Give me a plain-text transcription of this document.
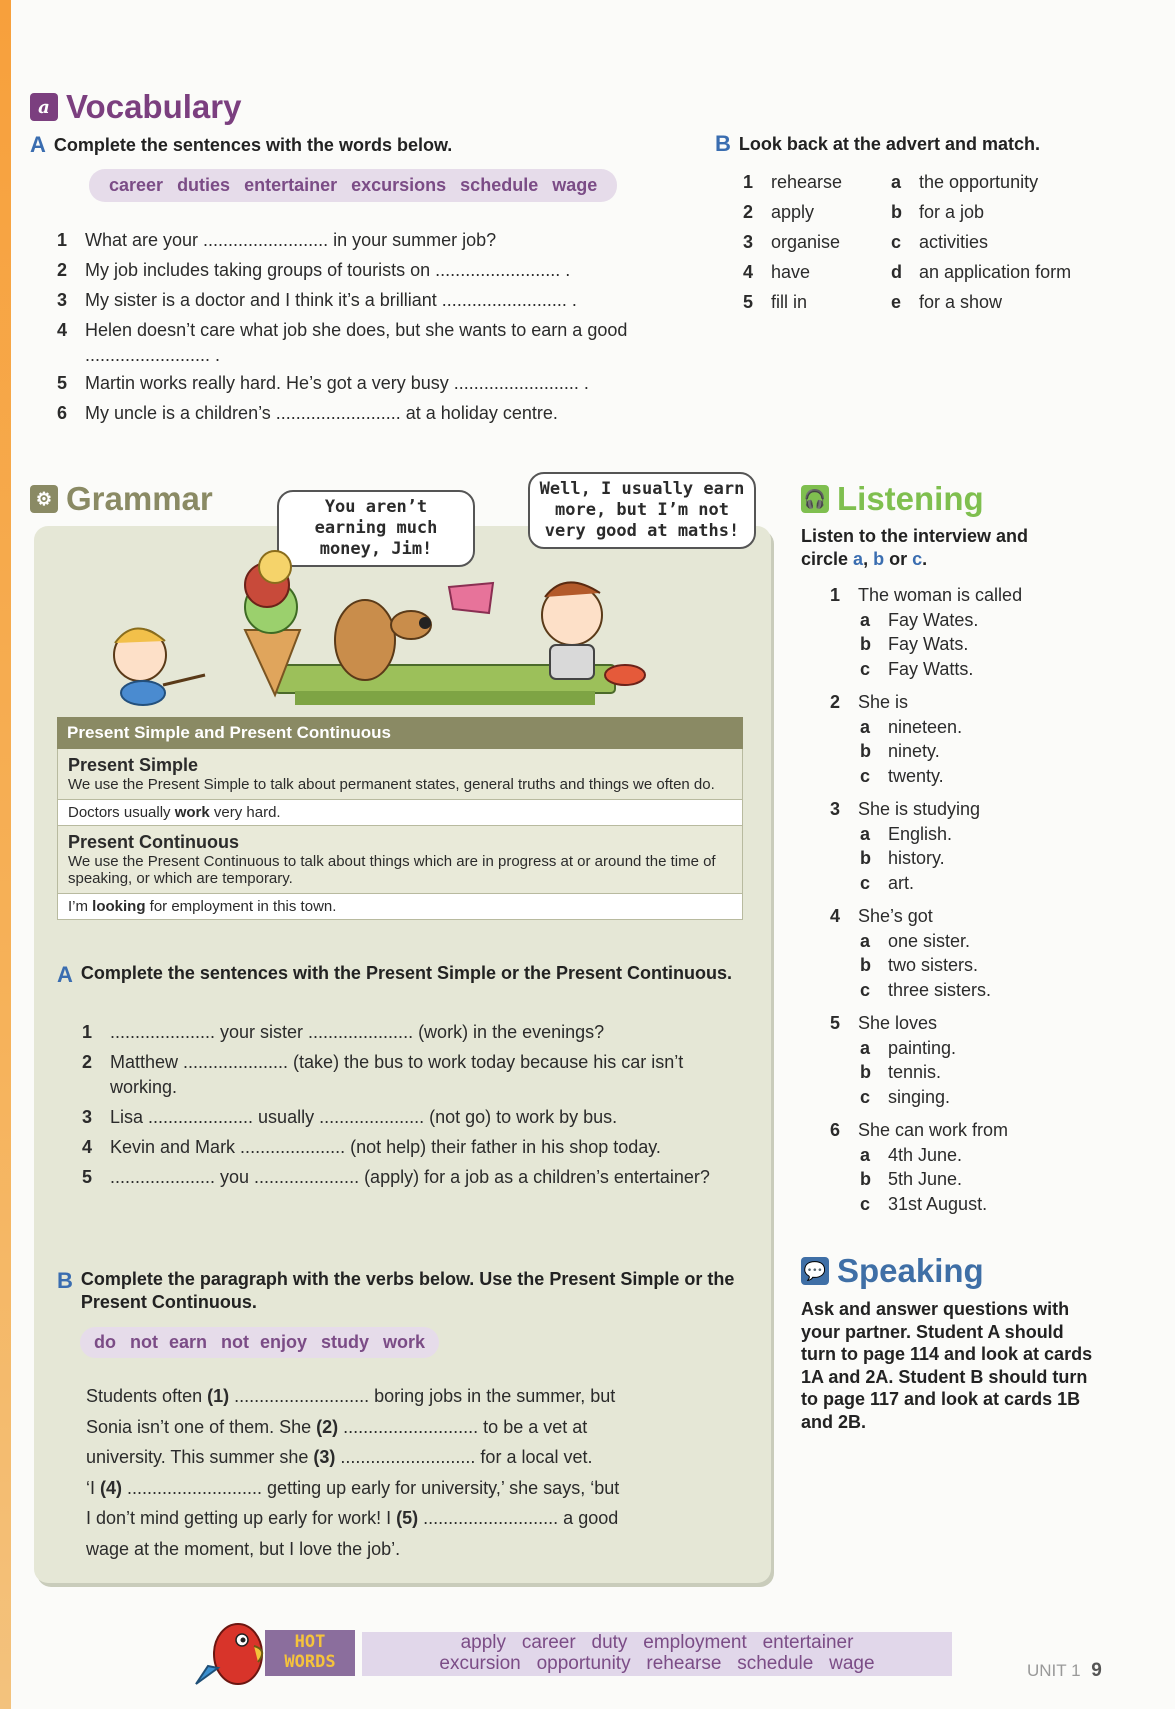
a Vocabulary
A Complete the sentences with the words below.
career duties entertainer excursions schedule wage
1 What are your ......................... in your summer job?
2 My job includes taking groups of tourists on ......................... .
3 My sister is a doctor and I think it’s a brilliant ......................... .
4 Helen doesn’t care what job she does, but she wants to earn a good ......................... .
5 Martin works really hard. He’s got a very busy ......................... .
6 My uncle is a children’s ......................... at a holiday centre.
B Look back at the advert and match.
1 rehearse	a the opportunity
2 apply	b for a job
3 organise	c activities
4 have	d an application form
5 fill in	e for a show
⚙ Grammar	You aren’t earning much money, Jim!
Well, I usually earn more, but I’m not very good at maths!
Present Simple and Present Continuous
Present Simple
We use the Present Simple to talk about permanent states, general truths and things we often do.
Doctors usually work very hard.
Present Continuous
We use the Present Continuous to talk about things which are in progress at or around the time of speaking, or which are temporary.
I’m looking for employment in this town.
A Complete the sentences with the Present Simple or the Present Continuous.
1 ..................... your sister ..................... (work) in the evenings?
2 Matthew ..................... (take) the bus to work today because his car isn’t working.
3 Lisa ..................... usually ..................... (not go) to work by bus.
4 Kevin and Mark ..................... (not help) their father in his shop today.
5 ..................... you ..................... (apply) for a job as a children’s entertainer?
B Complete the paragraph with the verbs below. Use the Present Simple or the Present Continuous.
do not earn not enjoy study work
Students often (1) ........................... boring jobs in the summer, but
Sonia isn’t one of them. She (2) ........................... to be a vet at
university. This summer she (3) ........................... for a local vet.
‘I (4) ........................... getting up early for university,’ she says, ‘but
I don’t mind getting up early for work! I (5) ........................... a good
wage at the moment, but I love the job’.
🎧 Listening
Listen to the interview and circle a, b or c.
1 The woman is called
a Fay Wates.
b Fay Wats.
c Fay Watts.
2 She is
a nineteen.
b ninety.
c twenty.
3 She is studying
a English.
b history.
c art.
4 She’s got
a one sister.
b two sisters.
c three sisters.
5 She loves
a painting.
b tennis.
c singing.
6 She can work from
a 4th June.
b 5th June.
c 31st August.
💬 Speaking
Ask and answer questions with your partner. Student A should turn to page 114 and look at cards 1A and 2A. Student B should turn to page 117 and look at cards 1B and 2B.
HOT
WORDS
apply   career   duty   employment   entertainer
excursion   opportunity   rehearse   schedule   wage	UNIT 1 9
